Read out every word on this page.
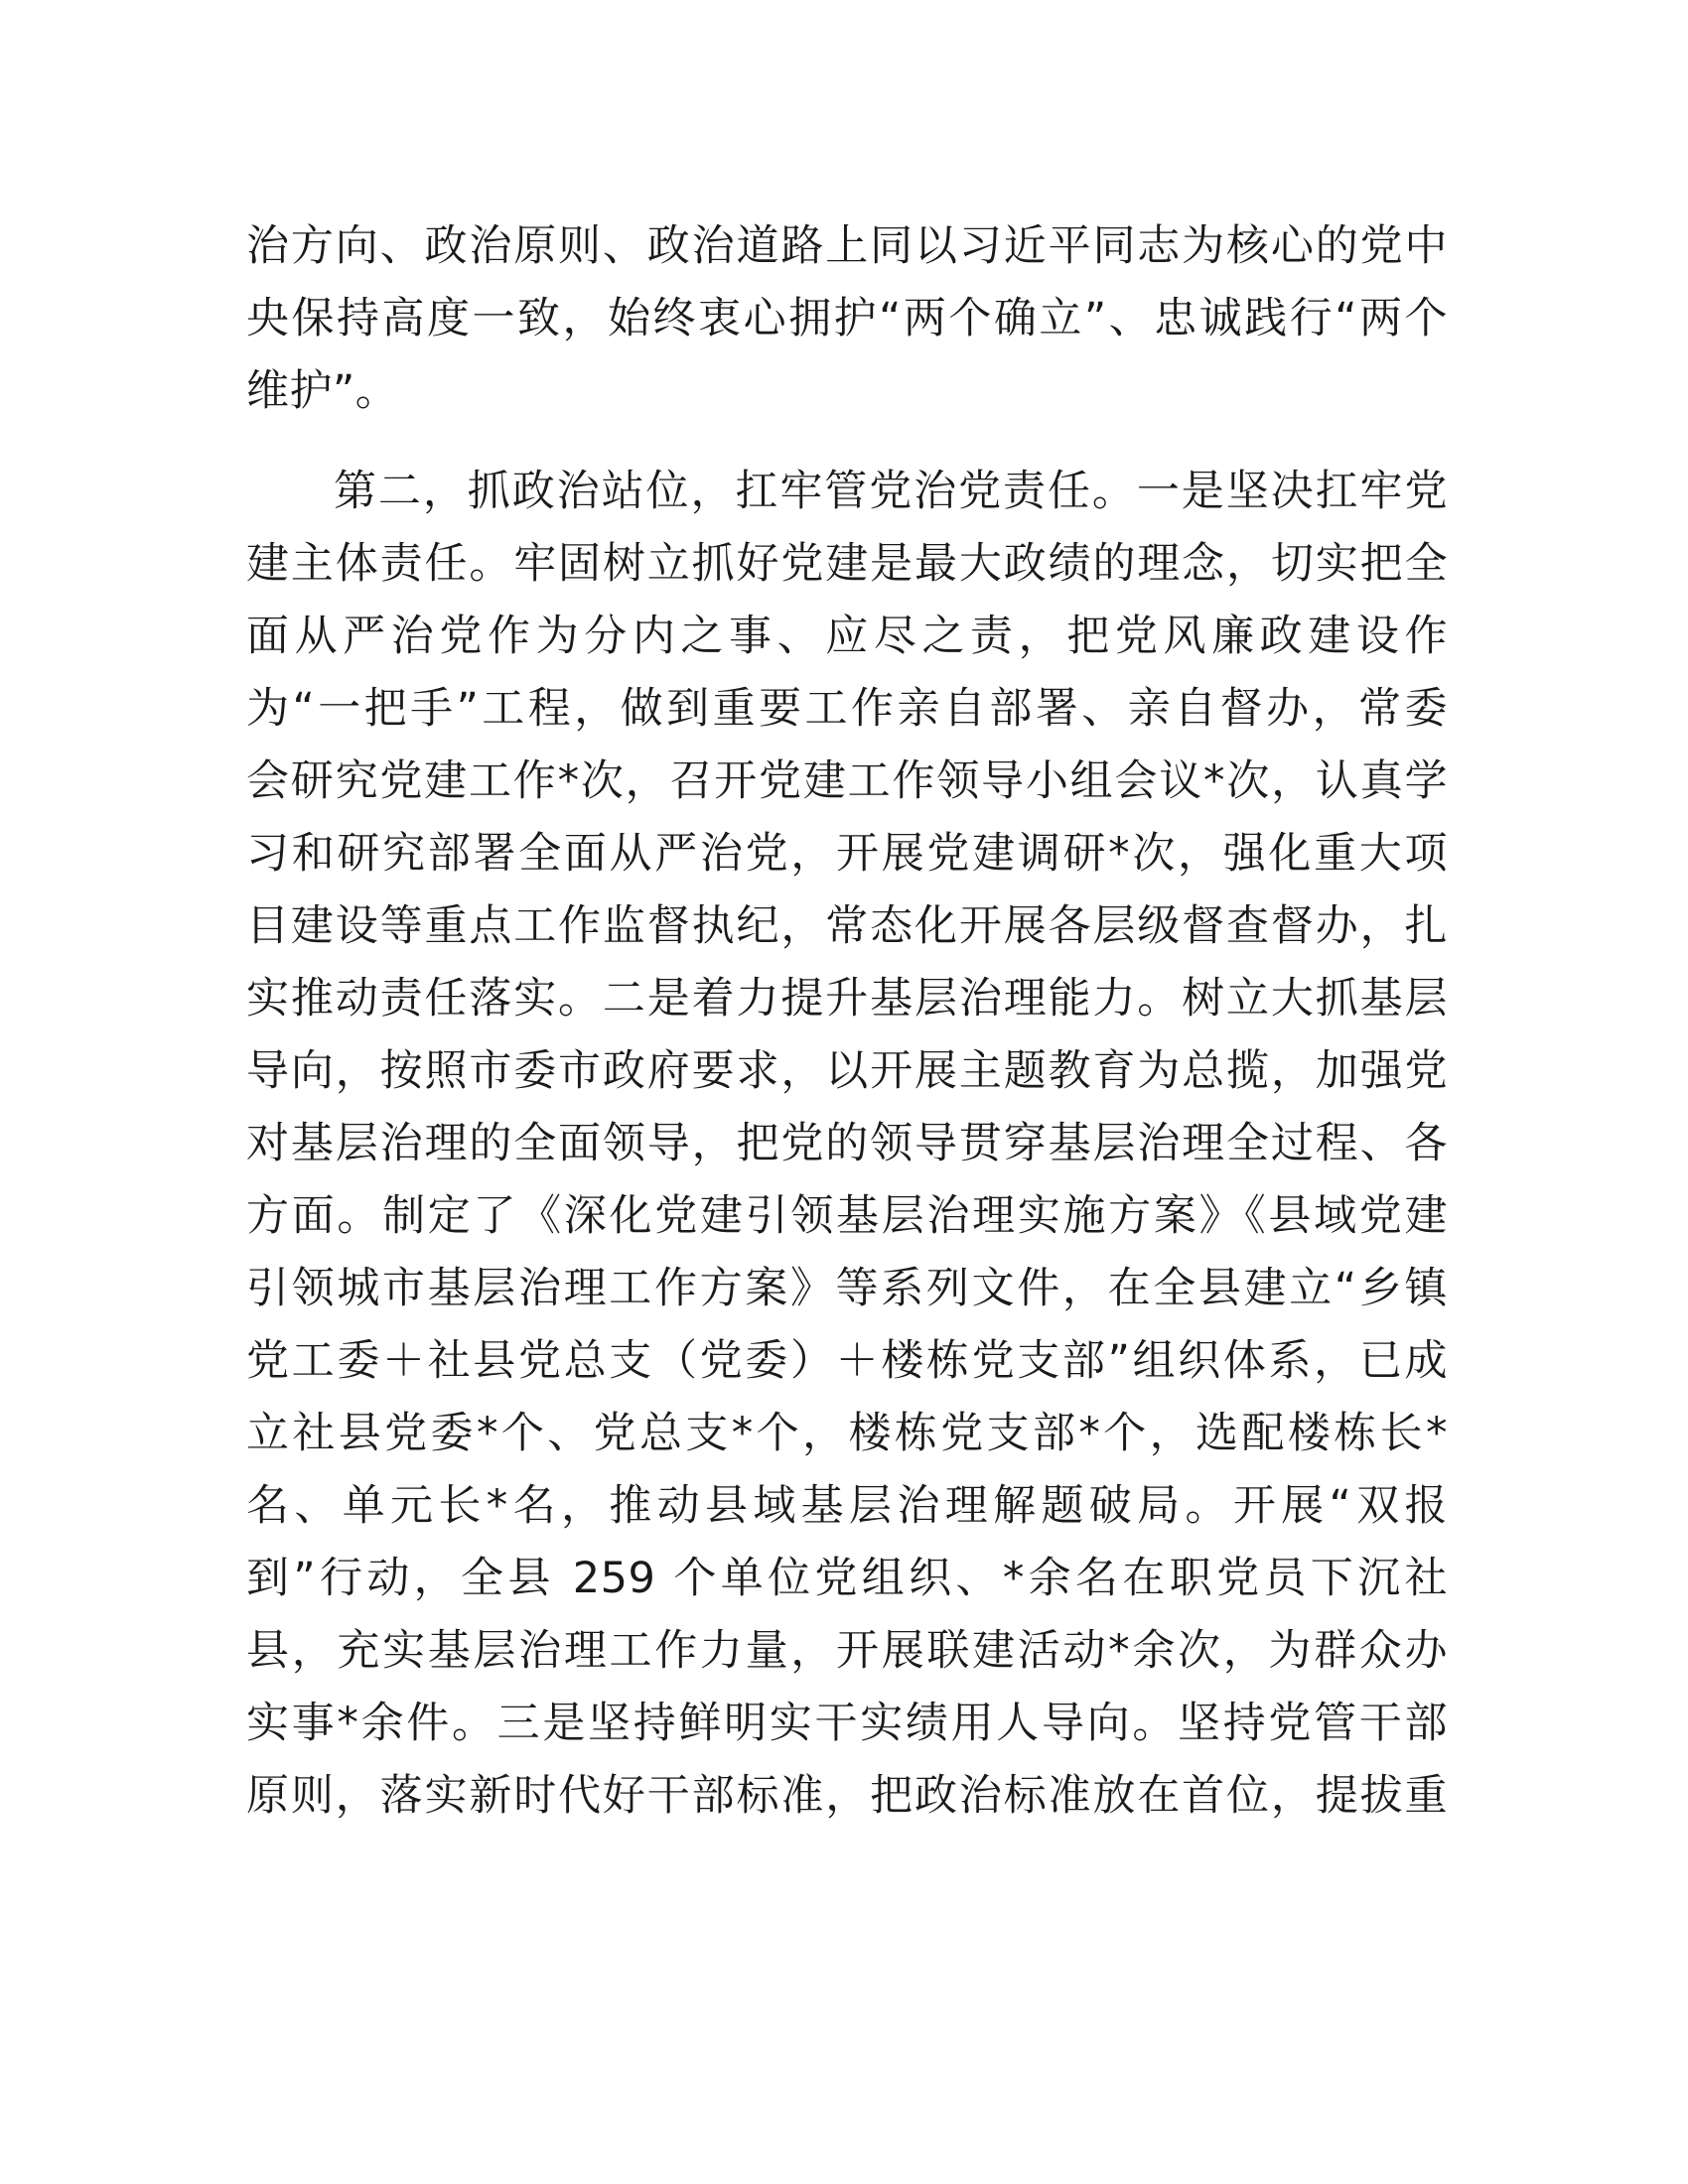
治方向、政治原则、政治道路上同以习近平同志为核心的党中
央保持高度一致，始终衷心拥护“两个确立”、忠诚践行“两个
维护”。
第二，抓政治站位，扛牢管党治党责任。一是坚决扛牢党
建主体责任。牢固树立抓好党建是最大政绩的理念，切实把全
面从严治党作为分内之事、应尽之责，把党风廉政建设作
为“一把手”工程，做到重要工作亲自部署、亲自督办，常委
会研究党建工作*次，召开党建工作领导小组会议*次，认真学
习和研究部署全面从严治党，开展党建调研*次，强化重大项
目建设等重点工作监督执纪，常态化开展各层级督查督办，扎
实推动责任落实。二是着力提升基层治理能力。树立大抓基层
导向，按照市委市政府要求，以开展主题教育为总揽，加强党
对基层治理的全面领导，把党的领导贯穿基层治理全过程、各
方面。制定了《深化党建引领基层治理实施方案》《县域党建
引领城市基层治理工作方案》等系列文件，在全县建立“乡镇
党工委＋社县党总支（党委）＋楼栋党支部”组织体系，已成
立社县党委*个、党总支*个，楼栋党支部*个，选配楼栋长*
名、单元长*名，推动县域基层治理解题破局。开展“双报
到”行动，全县 259 个单位党组织、*余名在职党员下沉社
县，充实基层治理工作力量，开展联建活动*余次，为群众办
实事*余件。三是坚持鲜明实干实绩用人导向。坚持党管干部
原则，落实新时代好干部标准，把政治标准放在首位，提拔重
